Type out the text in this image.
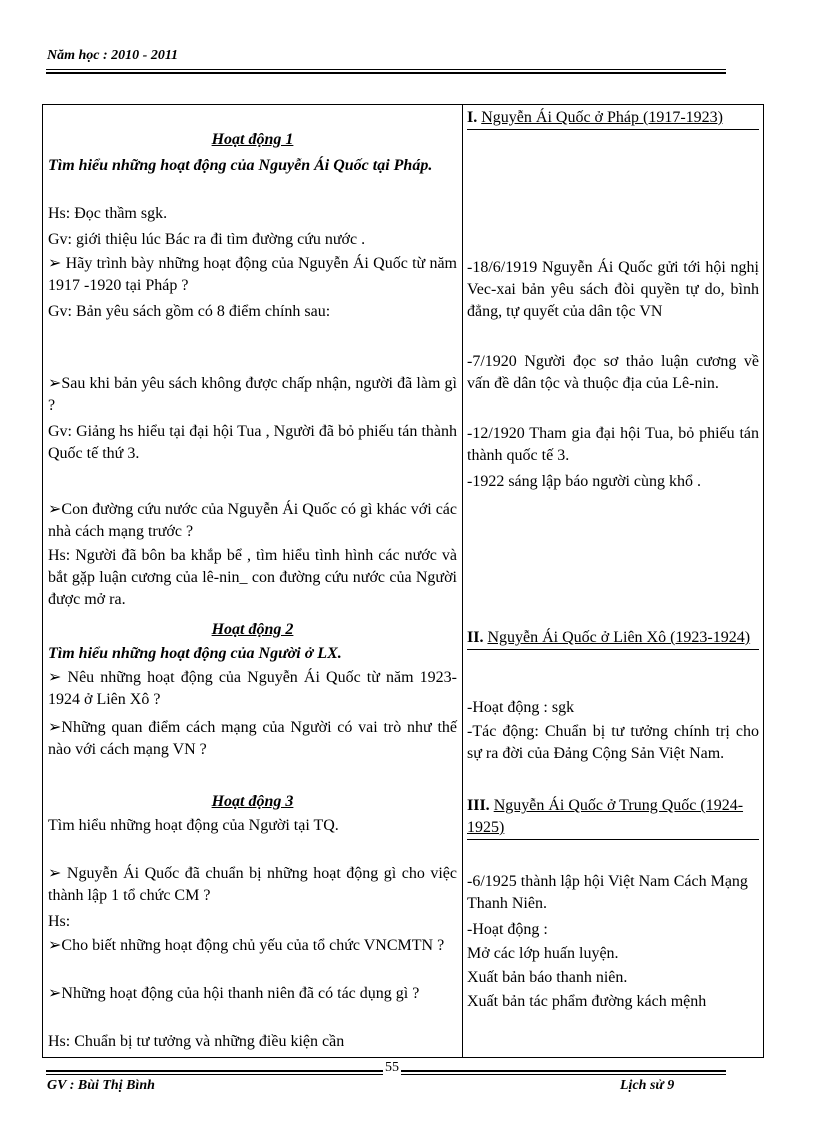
Năm học : 2010 - 2011

Hoạt động 1

Tìm hiểu những hoạt động của Nguyễn Ái Quốc tại Pháp.

Hs: Đọc thầm sgk.

Gv: giới thiệu lúc Bác ra đi tìm đường cứu nước .

➢ Hãy trình bày những hoạt động của Nguyễn Ái Quốc từ năm 1917 -1920 tại Pháp ?

Gv: Bản yêu sách gồm có 8 điểm chính sau:

➢Sau khi bản yêu sách không được chấp nhận, người đã làm gì ?

Gv: Giảng hs hiểu tại đại hội Tua , Người đã bỏ phiếu tán thành Quốc tế thứ 3.

➢Con đường cứu nước của Nguyễn Ái Quốc có gì khác với các nhà cách mạng trước ?

Hs: Người đã bôn ba khắp bể , tìm hiểu tình hình các nước và bắt gặp luận cương của lê-nin_ con đường cứu nước của Người được mở ra.

Hoạt động 2

Tìm hiểu những hoạt động của Người ở LX.

➢ Nêu những hoạt động của Nguyễn Ái Quốc từ năm 1923-1924 ở Liên Xô ?

➢Những quan điểm cách mạng của Người có vai trò như thế nào với cách mạng VN ?

Hoạt động 3

Tìm hiểu những hoạt động của Người tại TQ.

➢ Nguyễn Ái Quốc đã chuẩn bị những hoạt động gì cho việc thành lập 1 tổ chức CM ?

Hs:

➢Cho biết những hoạt động chủ yếu của tổ chức VNCMTN ?

➢Những hoạt động của hội thanh niên đã có tác dụng gì ?

Hs: Chuẩn bị tư tưởng và những điều kiện cần

I. Nguyễn Ái Quốc ở Pháp (1917-1923)

-18/6/1919 Nguyễn Ái Quốc gửi tới hội nghị Vec-xai bản yêu sách đòi quyền tự do, bình đẳng, tự quyết của dân tộc VN

-7/1920 Người đọc sơ thảo luận cương về vấn đề dân tộc và thuộc địa của Lê-nin.

-12/1920 Tham gia đại hội Tua, bỏ phiếu tán thành quốc tế 3.

-1922 sáng lập báo người cùng khổ .

II. Nguyễn Ái Quốc ở Liên Xô (1923-1924)

-Hoạt động : sgk

-Tác động: Chuẩn bị tư tưởng chính trị cho sự ra đời của Đảng Cộng Sản Việt Nam.

III. Nguyễn Ái Quốc ở Trung Quốc (1924-1925)

-6/1925 thành lập hội Việt Nam Cách Mạng Thanh Niên.

-Hoạt động :

Mở các lớp huấn luyện.

Xuất bản báo thanh niên.

Xuất bản tác phẩm đường kách mệnh

55
GV : Bùi Thị Bình	Lịch sử 9
